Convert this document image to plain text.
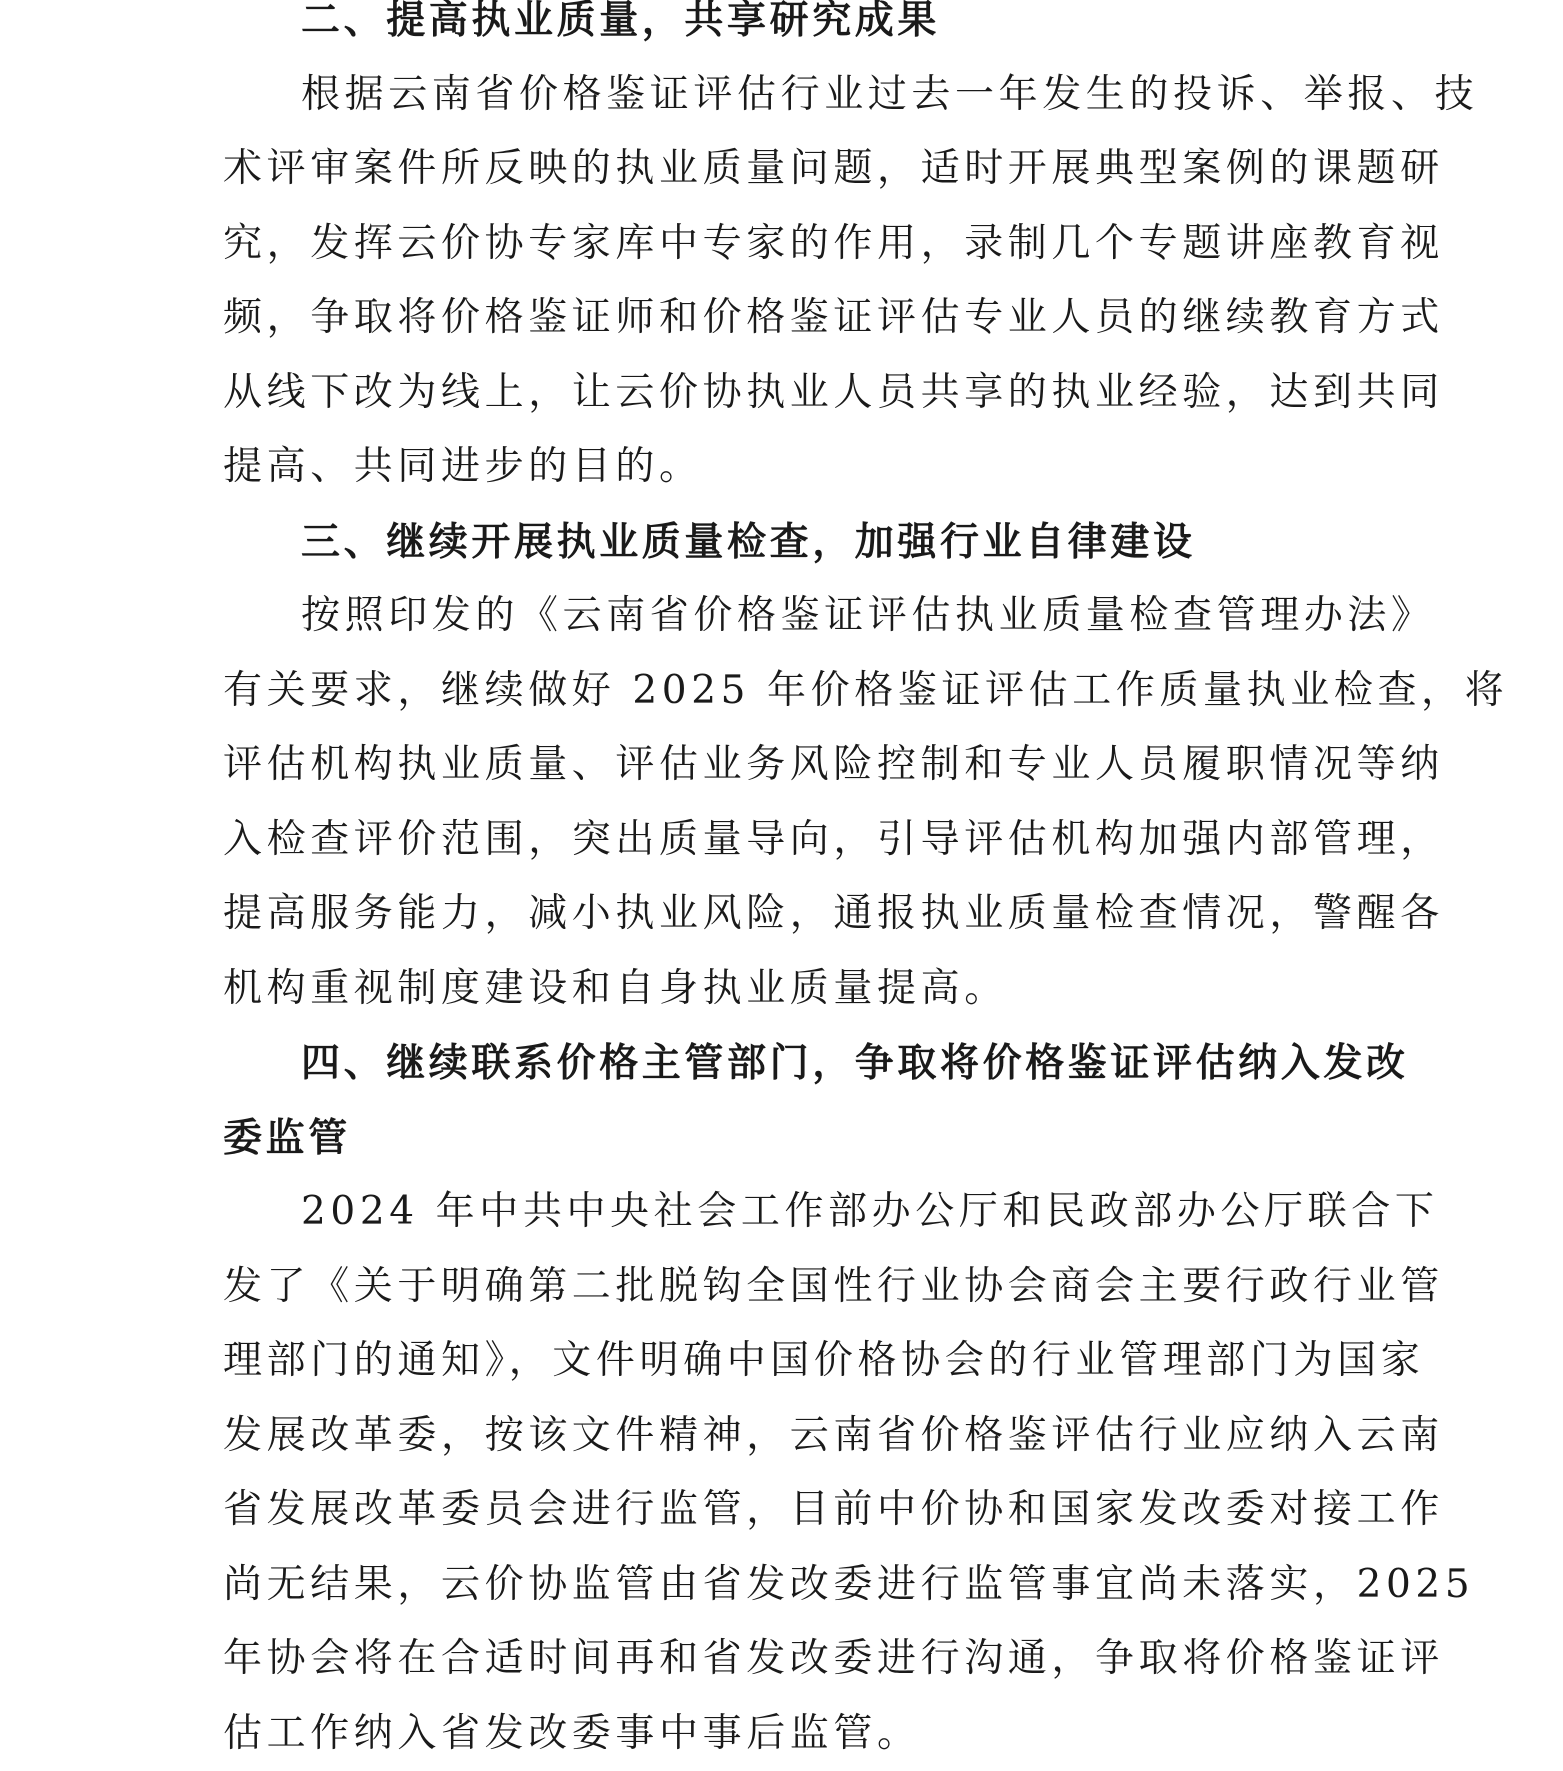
二、提高执业质量，共享研究成果
根据云南省价格鉴证评估行业过去一年发生的投诉、举报、技
术评审案件所反映的执业质量问题，适时开展典型案例的课题研
究，发挥云价协专家库中专家的作用，录制几个专题讲座教育视
频，争取将价格鉴证师和价格鉴证评估专业人员的继续教育方式
从线下改为线上，让云价协执业人员共享的执业经验，达到共同
提高、共同进步的目的。
三、继续开展执业质量检查，加强行业自律建设
按照印发的《云南省价格鉴证评估执业质量检查管理办法》
有关要求，继续做好 2025 年价格鉴证评估工作质量执业检查，将
评估机构执业质量、评估业务风险控制和专业人员履职情况等纳
入检查评价范围，突出质量导向，引导评估机构加强内部管理，
提高服务能力，减小执业风险，通报执业质量检查情况，警醒各
机构重视制度建设和自身执业质量提高。
四、继续联系价格主管部门，争取将价格鉴证评估纳入发改
委监管
2024 年中共中央社会工作部办公厅和民政部办公厅联合下
发了《关于明确第二批脱钩全国性行业协会商会主要行政行业管
理部门的通知》，文件明确中国价格协会的行业管理部门为国家
发展改革委，按该文件精神，云南省价格鉴评估行业应纳入云南
省发展改革委员会进行监管，目前中价协和国家发改委对接工作
尚无结果，云价协监管由省发改委进行监管事宜尚未落实，2025
年协会将在合适时间再和省发改委进行沟通，争取将价格鉴证评
估工作纳入省发改委事中事后监管。
